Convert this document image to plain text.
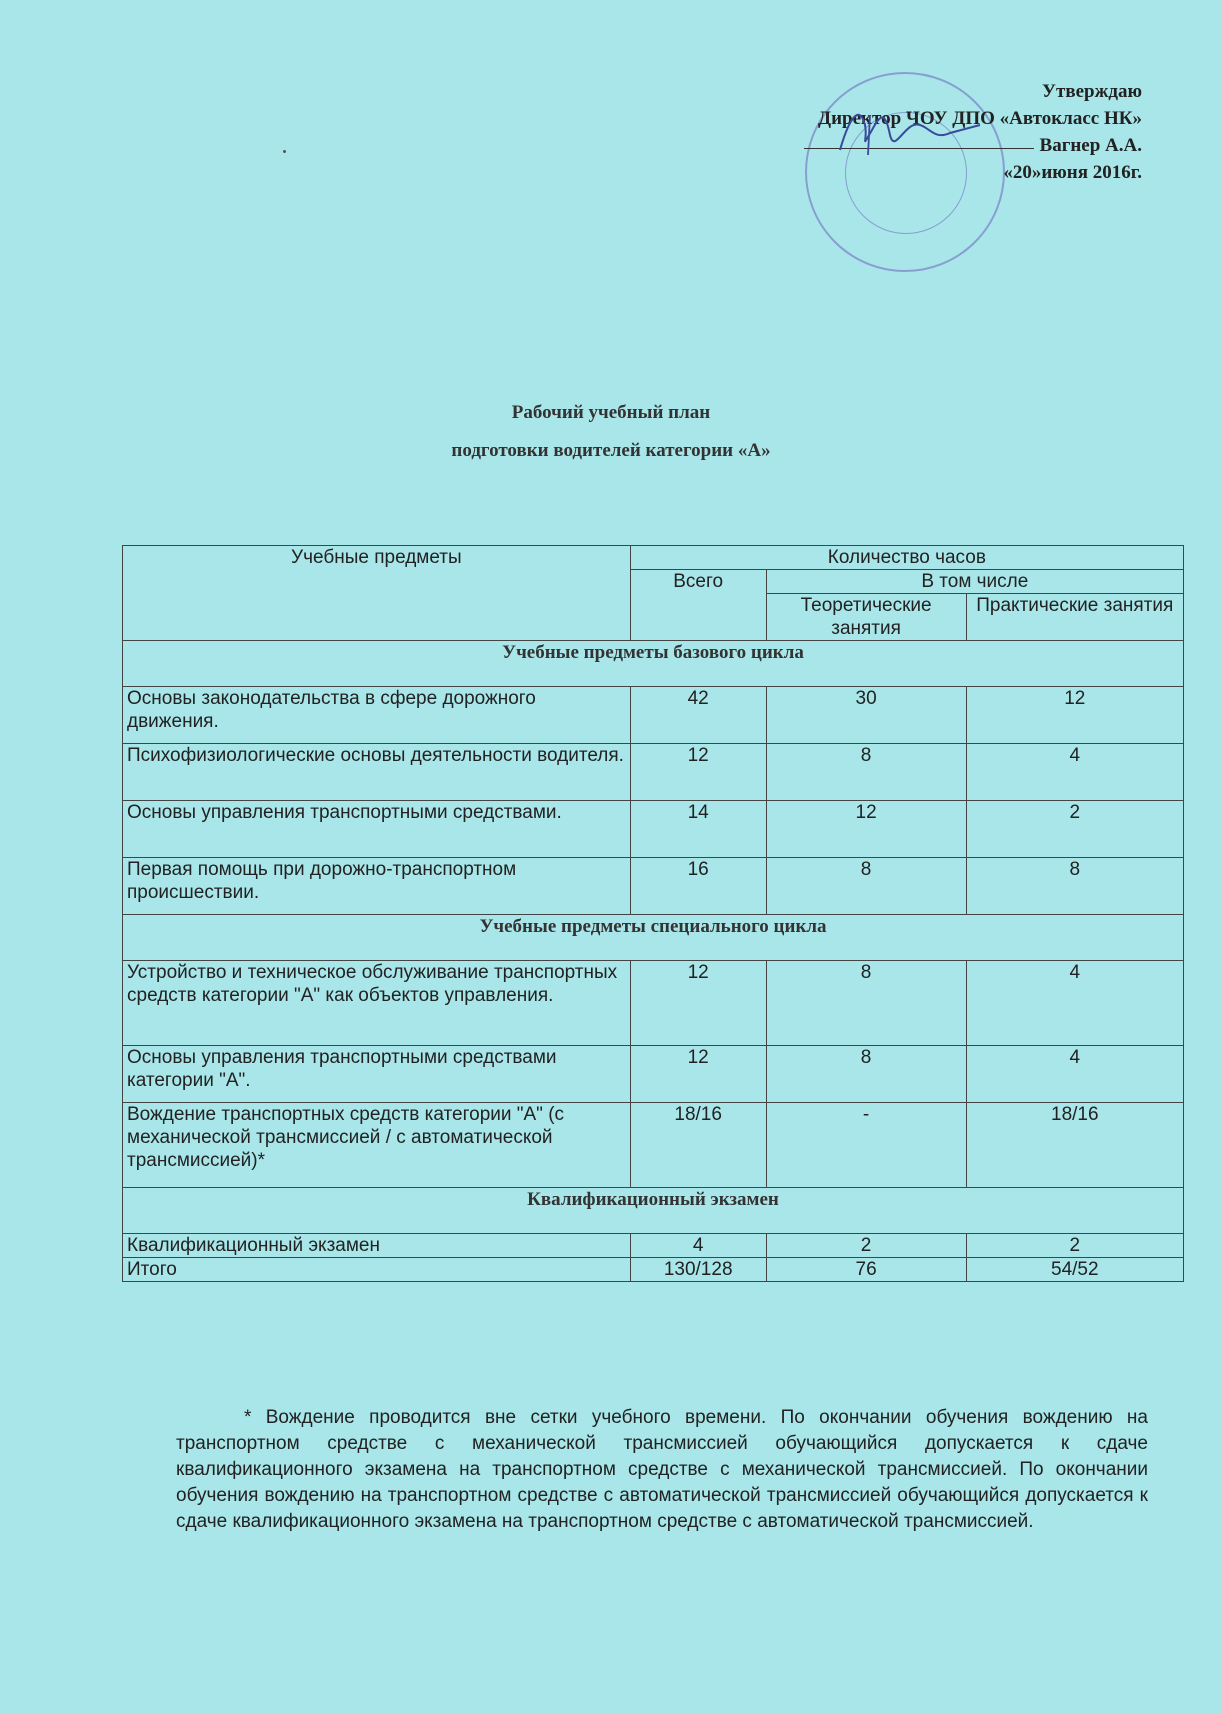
Утверждаю
Директор ЧОУ ДПО «Автокласс НК»
Вагнер А.А.
«20»июня 2016г.
Рабочий учебный план
подготовки водителей категории «А»
Учебные предметы	Количество часов		
	Всего	В том числе	
		Теоретические занятия	Практические занятия
Учебные предметы базового цикла			
Основы законодательства в сфере дорожного движения.	42	30	12
Психофизиологические основы деятельности водителя.	12	8	4
Основы управления транспортными средствами.	14	12	2
Первая помощь при дорожно-транспортном происшествии.	16	8	8
Учебные предметы специального цикла			
Устройство и техническое обслуживание транспортных средств категории "А" как объектов управления.	12	8	4
Основы управления транспортными средствами категории "А".	12	8	4
Вождение транспортных средств категории "А" (с механической трансмиссией / с автоматической трансмиссией)*	18/16	-	18/16
Квалификационный экзамен			
Квалификационный экзамен	4	2	2
Итого	130/128	76	54/52
* Вождение проводится вне сетки учебного времени. По окончании обучения вождению на транспортном средстве с механической трансмиссией обучающийся допускается к сдаче квалификационного экзамена на транспортном средстве с механической трансмиссией. По окончании обучения вождению на транспортном средстве с автоматической трансмиссией обучающийся допускается к сдаче квалификационного экзамена на транспортном средстве с автоматической трансмиссией.
